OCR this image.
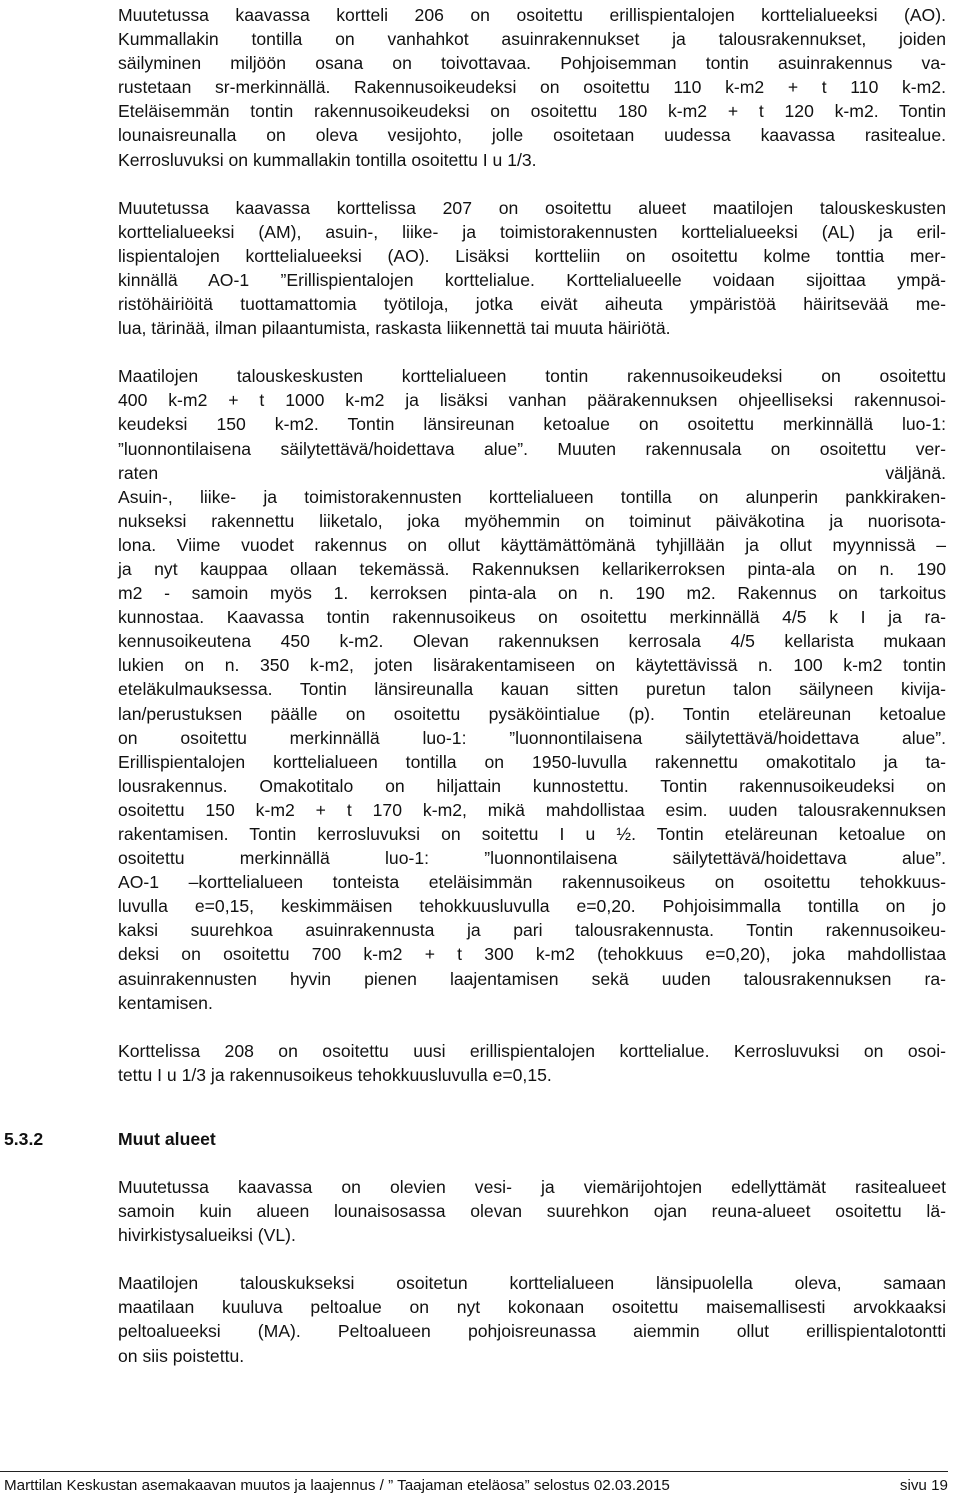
Muutetussa kaavassa kortteli 206 on osoitettu erillispientalojen korttelialueeksi (AO).
Kummallakin tontilla on vanhahkot asuinrakennukset ja talousrakennukset, joiden
säilyminen miljöön osana on toivottavaa. Pohjoisemman tontin asuinrakennus va-
rustetaan sr-merkinnällä. Rakennusoikeudeksi on osoitettu 110 k-m2 + t 110 k-m2.
Eteläisemmän tontin rakennusoikeudeksi on osoitettu 180 k-m2 + t 120 k-m2. Tontin
lounaisreunalla on oleva vesijohto, jolle osoitetaan uudessa kaavassa rasitealue.
Kerrosluvuksi on kummallakin tontilla osoitettu I u 1/3.
Muutetussa kaavassa korttelissa 207 on osoitettu alueet maatilojen talouskeskusten
korttelialueeksi (AM), asuin-, liike- ja toimistorakennusten korttelialueeksi (AL) ja eril-
lispientalojen korttelialueeksi (AO). Lisäksi kortteliin on osoitettu kolme tonttia mer-
kinnällä AO-1 ”Erillispientalojen korttelialue. Korttelialueelle voidaan sijoittaa ympä-
ristöhäiriöitä tuottamattomia työtiloja, jotka eivät aiheuta ympäristöä häiritsevää me-
lua, tärinää, ilman pilaantumista, raskasta liikennettä tai muuta häiriötä.
Maatilojen talouskeskusten korttelialueen tontin rakennusoikeudeksi on osoitettu
400 k-m2 + t 1000 k-m2 ja lisäksi vanhan päärakennuksen ohjeelliseksi rakennusoi-
keudeksi 150 k-m2. Tontin länsireunan ketoalue on osoitettu merkinnällä luo-1:
”luonnontilaisena säilytettävä/hoidettava alue”. Muuten rakennusala on osoitettu ver-
raten väljänä.
Asuin-, liike- ja toimistorakennusten korttelialueen tontilla on alunperin pankkiraken-
nukseksi rakennettu liiketalo, joka myöhemmin on toiminut päiväkotina ja nuorisota-
lona. Viime vuodet rakennus on ollut käyttämättömänä tyhjillään ja ollut myynnissä –
ja nyt kauppaa ollaan tekemässä. Rakennuksen kellarikerroksen pinta-ala on n. 190
m2 - samoin myös 1. kerroksen pinta-ala on n. 190 m2. Rakennus on tarkoitus
kunnostaa. Kaavassa tontin rakennusoikeus on osoitettu merkinnällä 4/5 k I ja ra-
kennusoikeutena 450 k-m2. Olevan rakennuksen kerrosala 4/5 kellarista mukaan
lukien on n. 350 k-m2, joten lisärakentamiseen on käytettävissä n. 100 k-m2 tontin
eteläkulmauksessa. Tontin länsireunalla kauan sitten puretun talon säilyneen kivija-
lan/perustuksen päälle on osoitettu pysäköintialue (p). Tontin eteläreunan ketoalue
on osoitettu merkinnällä luo-1: ”luonnontilaisena säilytettävä/hoidettava alue”.
Erillispientalojen korttelialueen tontilla on 1950-luvulla rakennettu omakotitalo ja ta-
lousrakennus. Omakotitalo on hiljattain kunnostettu. Tontin rakennusoikeudeksi on
osoitettu 150 k-m2 + t 170 k-m2, mikä mahdollistaa esim. uuden talousrakennuksen
rakentamisen. Tontin kerrosluvuksi on soitettu I u ½. Tontin eteläreunan ketoalue on
osoitettu merkinnällä luo-1: ”luonnontilaisena säilytettävä/hoidettava alue”.
AO-1 –korttelialueen tonteista eteläisimmän rakennusoikeus on osoitettu tehokkuus-
luvulla e=0,15, keskimmäisen tehokkuusluvulla e=0,20. Pohjoisimmalla tontilla on jo
kaksi suurehkoa asuinrakennusta ja pari talousrakennusta. Tontin rakennusoikeu-
deksi on osoitettu 700 k-m2 + t 300 k-m2 (tehokkuus e=0,20), joka mahdollistaa
asuinrakennusten hyvin pienen laajentamisen sekä uuden talousrakennuksen ra-
kentamisen.
Korttelissa 208 on osoitettu uusi erillispientalojen korttelialue. Kerrosluvuksi on osoi-
tettu I u 1/3 ja rakennusoikeus tehokkuusluvulla e=0,15.
5.3.2	Muut alueet
Muutetussa kaavassa on olevien vesi- ja viemärijohtojen edellyttämät rasitealueet
samoin kuin alueen lounaisosassa olevan suurehkon ojan reuna-alueet osoitettu lä-
hivirkistysalueiksi (VL).
Maatilojen talouskukseksi osoitetun korttelialueen länsipuolella oleva, samaan
maatilaan kuuluva peltoalue on nyt kokonaan osoitettu maisemallisesti arvokkaaksi
peltoalueeksi (MA). Peltoalueen pohjoisreunassa aiemmin ollut erillispientalotontti
on siis poistettu.
Marttilan Keskustan asemakaavan muutos ja laajennus / ” Taajaman eteläosa” selostus 02.03.2015	sivu 19
